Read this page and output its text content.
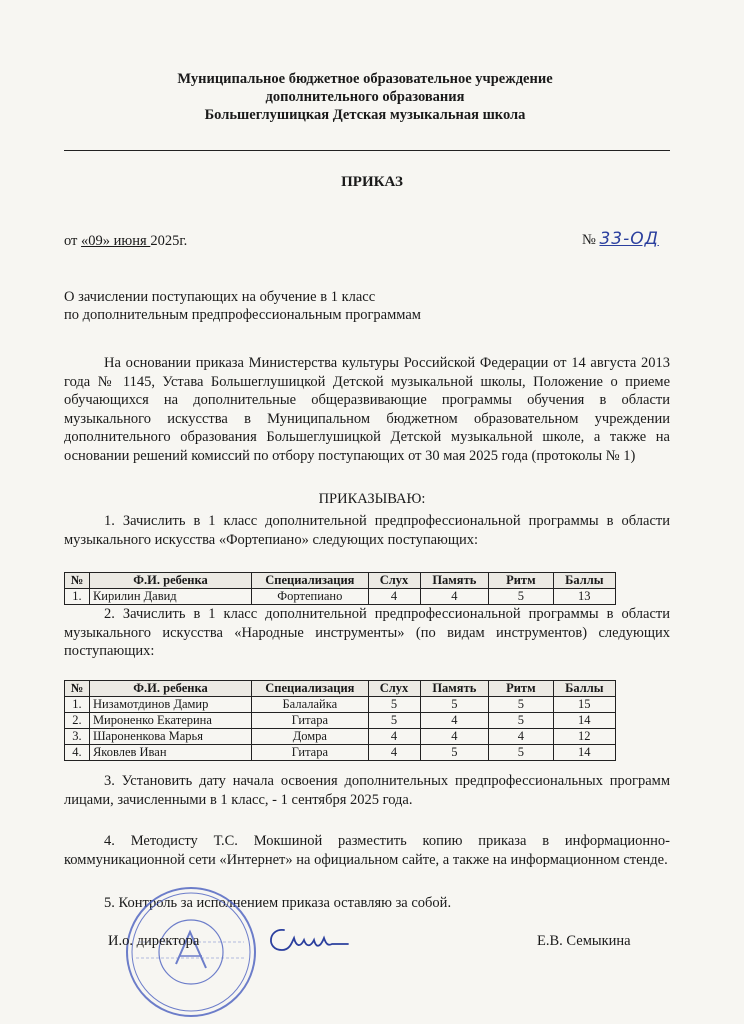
Муниципальное бюджетное образовательное учреждение
дополнительного образования
Большеглушицкая Детская музыкальная школа
ПРИКАЗ
от «09» июня 2025г.	№ 33-ОД
О зачислении поступающих на обучение в 1 класс
по дополнительным предпрофессиональным программам
На основании приказа Министерства культуры Российской Федерации от 14 августа 2013 года № 1145, Устава Большеглушицкой Детской музыкальной школы, Положение о приеме обучающихся на дополнительные общеразвивающие программы обучения в области музыкального искусства в Муниципальном бюджетном образовательном учреждении дополнительного образования Большеглушицкой Детской музыкальной школе, а также на основании решений комиссий по отбору поступающих от 30 мая 2025 года (протоколы № 1)
ПРИКАЗЫВАЮ:
1. Зачислить в 1 класс дополнительной предпрофессиональной программы в области музыкального искусства «Фортепиано» следующих поступающих:
№	Ф.И. ребенка	Специализация	Слух	Память	Ритм	Баллы
1.	Кирилин Давид	Фортепиано	4	4	5	13
2. Зачислить в 1 класс дополнительной предпрофессиональной программы в области музыкального искусства «Народные инструменты» (по видам инструментов) следующих поступающих:
№	Ф.И. ребенка	Специализация	Слух	Память	Ритм	Баллы
1.	Низамотдинов Дамир	Балалайка	5	5	5	15
2.	Мироненко Екатерина	Гитара	5	4	5	14
3.	Шароненкова Марья	Домра	4	4	4	12
4.	Яковлев Иван	Гитара	4	5	5	14
3. Установить дату начала освоения дополнительных предпрофессиональных программ лицами, зачисленными в 1 класс, - 1 сентября 2025 года.
4. Методисту Т.С. Мокшиной разместить копию приказа в информационно-коммуникационной сети «Интернет» на официальном сайте, а также на информационном стенде.
5. Контроль за исполнением приказа оставляю за собой.
И.о. директора	Е.В. Семыкина
